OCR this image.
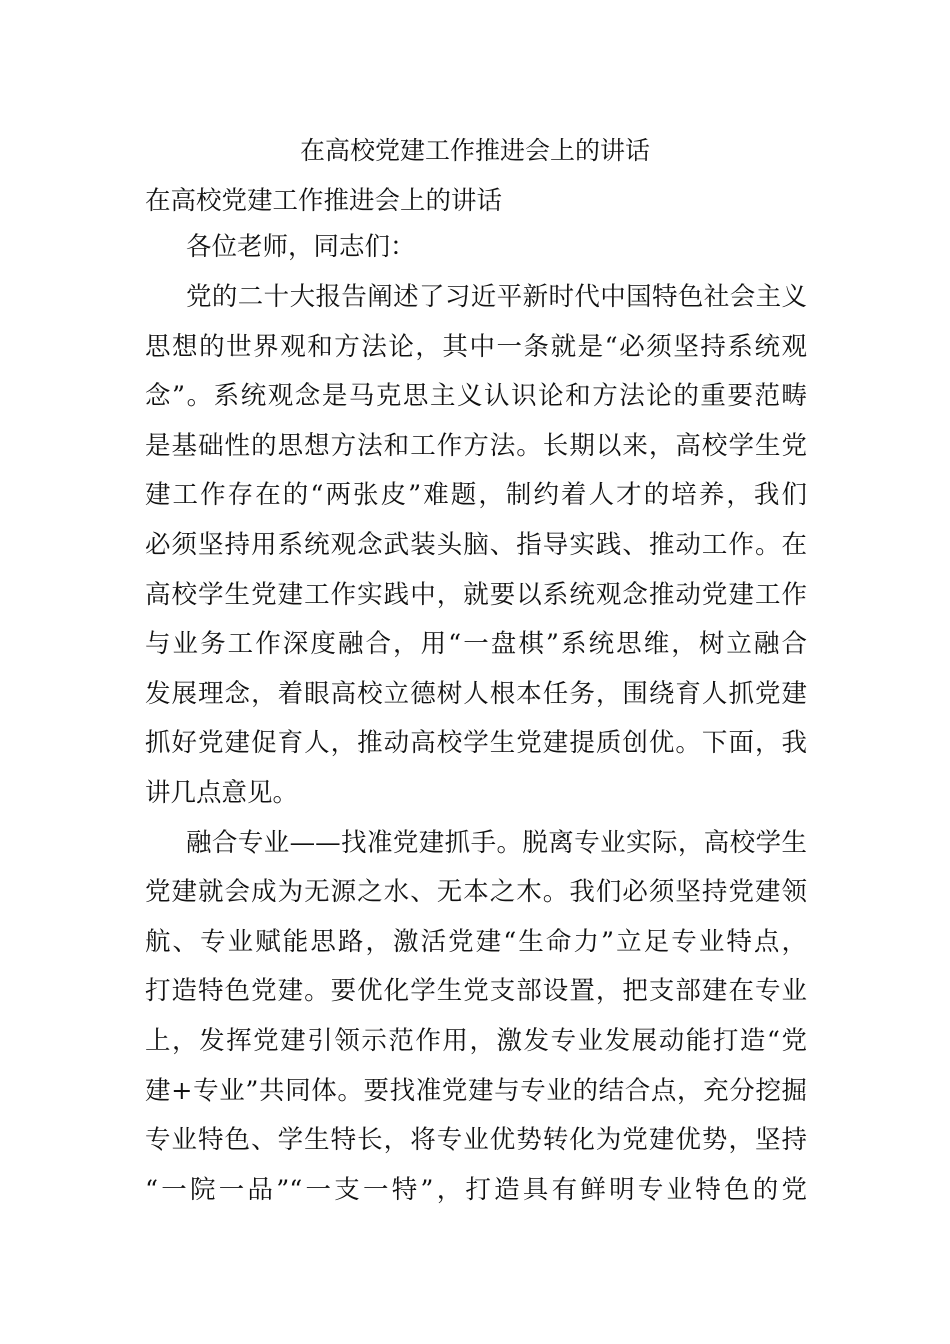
在高校党建工作推进会上的讲话
在高校党建工作推进会上的讲话
各位老师，同志们：
党的二十大报告阐述了习近平新时代中国特色社会主义
思想的世界观和方法论，其中一条就是“必须坚持系统观
念”。系统观念是马克思主义认识论和方法论的重要范畴
是基础性的思想方法和工作方法。长期以来，高校学生党
建工作存在的“两张皮”难题，制约着人才的培养，我们
必须坚持用系统观念武装头脑、指导实践、推动工作。在
高校学生党建工作实践中，就要以系统观念推动党建工作
与业务工作深度融合，用“一盘棋”系统思维，树立融合
发展理念，着眼高校立德树人根本任务，围绕育人抓党建
抓好党建促育人，推动高校学生党建提质创优。下面，我
讲几点意见。
融合专业——找准党建抓手。脱离专业实际，高校学生
党建就会成为无源之水、无本之木。我们必须坚持党建领
航、专业赋能思路，激活党建“生命力”立足专业特点，
打造特色党建。要优化学生党支部设置，把支部建在专业
上，发挥党建引领示范作用，激发专业发展动能打造“党
建+专业”共同体。要找准党建与专业的结合点，充分挖掘
专业特色、学生特长，将专业优势转化为党建优势，坚持
“一院一品”“一支一特”，打造具有鲜明专业特色的党
